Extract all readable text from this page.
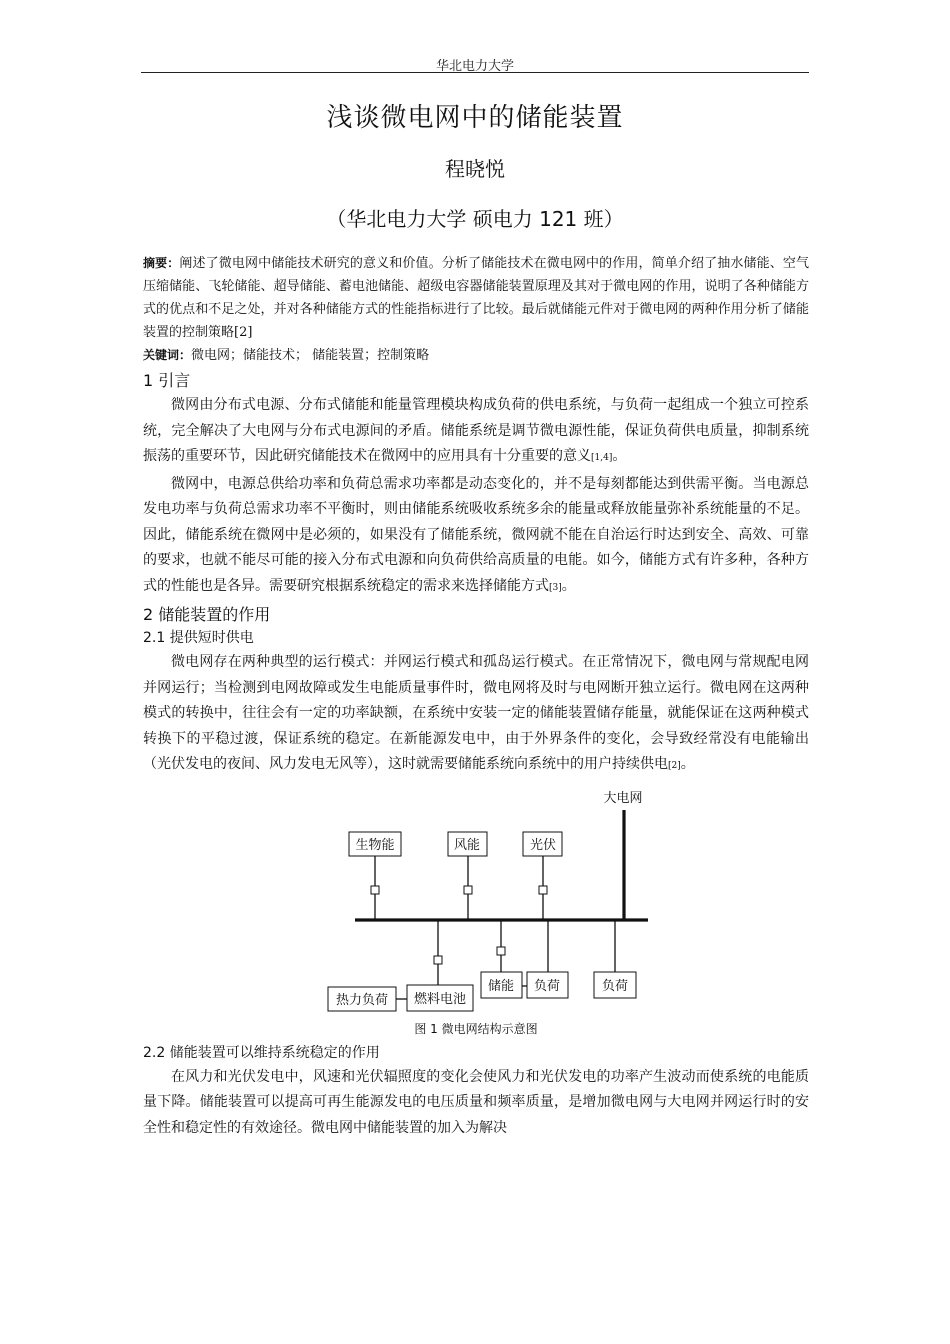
华北电力大学
浅谈微电网中的储能装置
程晓悦
（华北电力大学 硕电力 121 班）

摘要：阐述了微电网中储能技术研究的意义和价值。分析了储能技术在微电网中的作用，简单介绍了抽水储能、空气压缩储能、飞轮储能、超导储能、蓄电池储能、超级电容器储能装置原理及其对于微电网的作用，说明了各种储能方式的优点和不足之处，并对各种储能方式的性能指标进行了比较。最后就储能元件对于微电网的两种作用分析了储能装置的控制策略[2]

关键词：微电网；储能技术； 储能装置；控制策略

1 引言

微网由分布式电源、分布式储能和能量管理模块构成负荷的供电系统，与负荷一起组成一个独立可控系统，完全解决了大电网与分布式电源间的矛盾。储能系统是调节微电源性能，保证负荷供电质量，抑制系统振荡的重要环节，因此研究储能技术在微网中的应用具有十分重要的意义[1,4]。

微网中，电源总供给功率和负荷总需求功率都是动态变化的，并不是每刻都能达到供需平衡。当电源总发电功率与负荷总需求功率不平衡时，则由储能系统吸收系统多余的能量或释放能量弥补系统能量的不足。因此，储能系统在微网中是必须的，如果没有了储能系统，微网就不能在自治运行时达到安全、高效、可靠的要求，也就不能尽可能的接入分布式电源和向负荷供给高质量的电能。如今，储能方式有许多种，各种方式的性能也是各异。需要研究根据系统稳定的需求来选择储能方式[3]。

2 储能装置的作用
2.1 提供短时供电

微电网存在两种典型的运行模式：并网运行模式和孤岛运行模式。在正常情况下，微电网与常规配电网并网运行；当检测到电网故障或发生电能质量事件时，微电网将及时与电网断开独立运行。微电网在这两种模式的转换中，往往会有一定的功率缺额，在系统中安装一定的储能装置储存能量，就能保证在这两种模式转换下的平稳过渡，保证系统的稳定。在新能源发电中，由于外界条件的变化，会导致经常没有电能输出（光伏发电的夜间、风力发电无风等），这时就需要储能系统向系统中的用户持续供电[2]。

大电网
生物能	风能	光伏
热力负荷 燃料电池
储能 负荷	负荷
图 1 微电网结构示意图
2.2 储能装置可以维持系统稳定的作用

在风力和光伏发电中，风速和光伏辐照度的变化会使风力和光伏发电的功率产生波动而使系统的电能质量下降。储能装置可以提高可再生能源发电的电压质量和频率质量，是增加微电网与大电网并网运行时的安全性和稳定性的有效途径。微电网中储能装置的加入为解决
